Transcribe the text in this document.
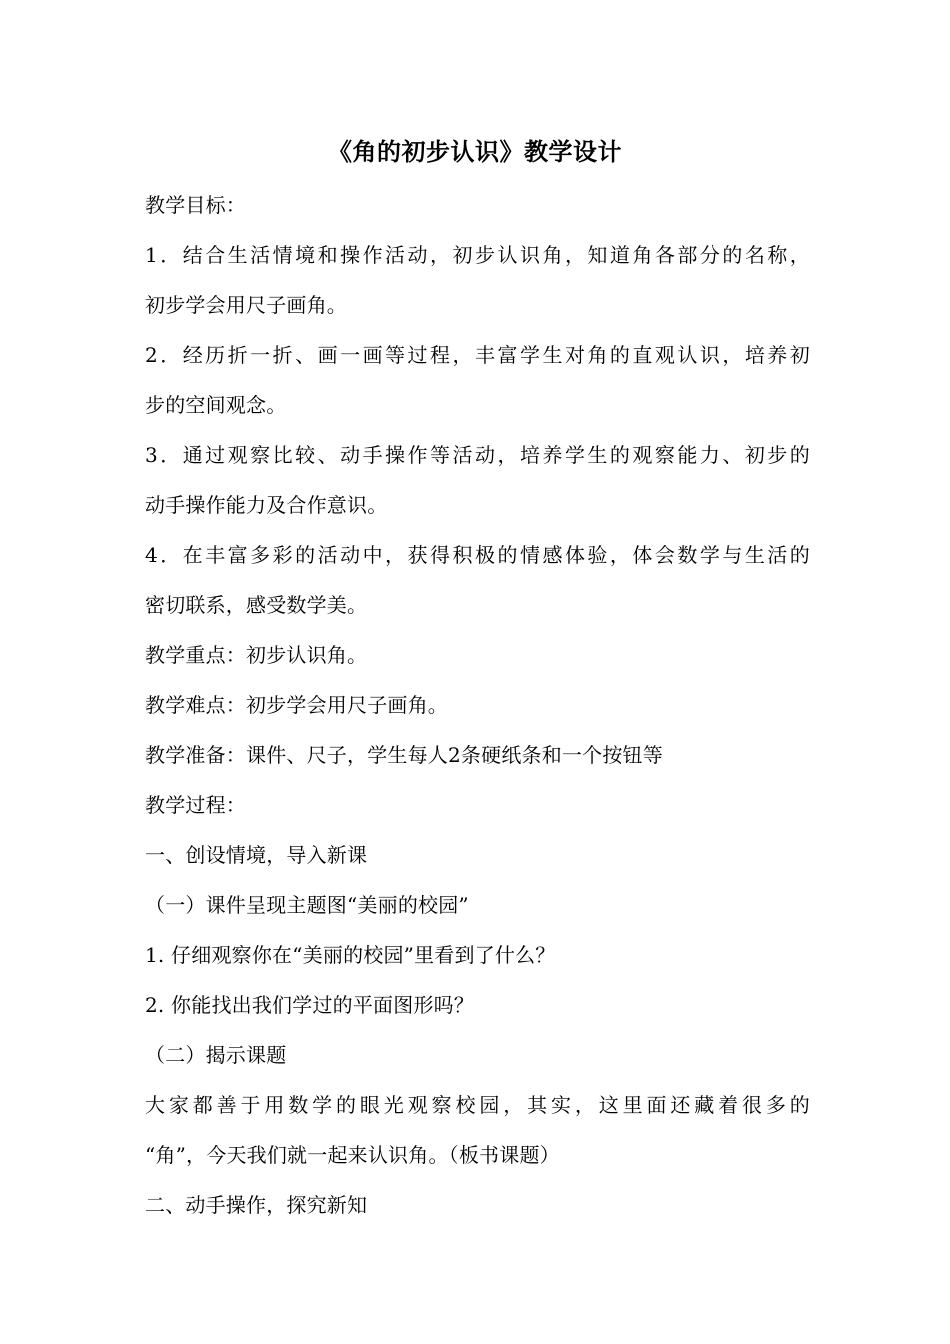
《角的初步认识》教学设计
教学目标：
1．结合生活情境和操作活动，初步认识角，知道角各部分的名称，
初步学会用尺子画角。
2．经历折一折、画一画等过程，丰富学生对角的直观认识，培养初
步的空间观念。
3．通过观察比较、动手操作等活动，培养学生的观察能力、初步的
动手操作能力及合作意识。
4．在丰富多彩的活动中，获得积极的情感体验，体会数学与生活的
密切联系，感受数学美。
教学重点：初步认识角。
教学难点：初步学会用尺子画角。
教学准备：课件、尺子，学生每人2条硬纸条和一个按钮等
教学过程：
一、创设情境，导入新课
（一）课件呈现主题图“美丽的校园”
1. 仔细观察你在“美丽的校园”里看到了什么？
2. 你能找出我们学过的平面图形吗？
（二）揭示课题
大家都善于用数学的眼光观察校园，其实，这里面还藏着很多的
“角”，今天我们就一起来认识角。（板书课题）
二、动手操作，探究新知
